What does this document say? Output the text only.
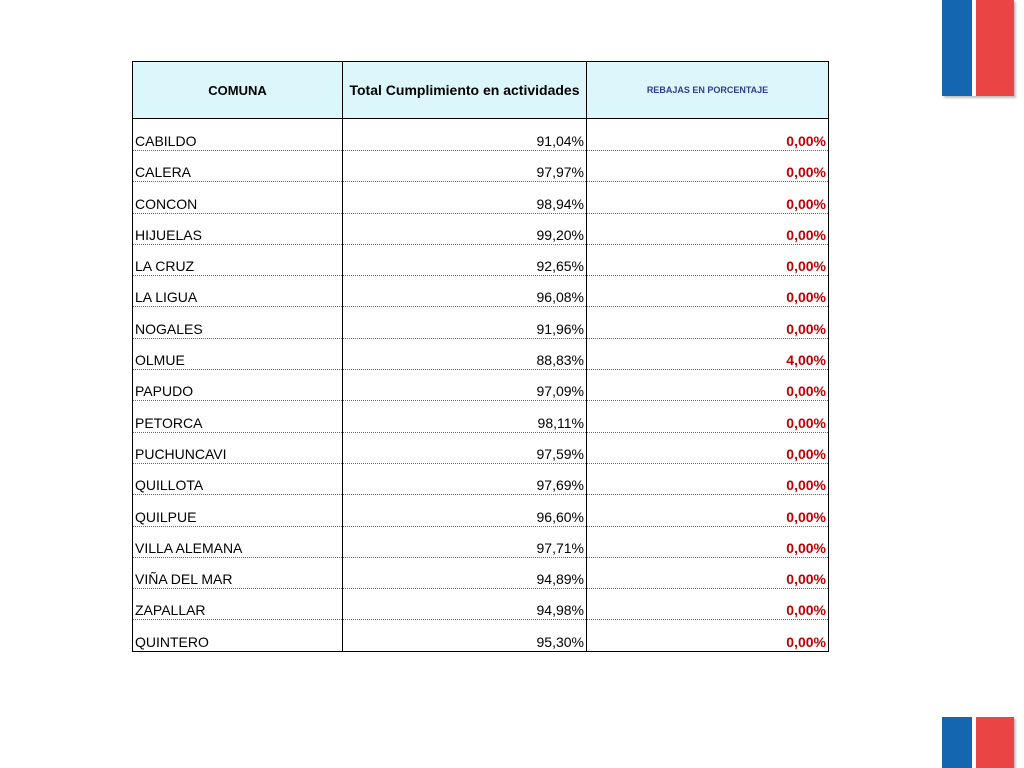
COMUNA	Total Cumplimiento en actividades	REBAJAS EN PORCENTAJE
CABILDO	91,04%	0,00%
CALERA	97,97%	0,00%
CONCON	98,94%	0,00%
HIJUELAS	99,20%	0,00%
LA CRUZ	92,65%	0,00%
LA LIGUA	96,08%	0,00%
NOGALES	91,96%	0,00%
OLMUE	88,83%	4,00%
PAPUDO	97,09%	0,00%
PETORCA	98,11%	0,00%
PUCHUNCAVI	97,59%	0,00%
QUILLOTA	97,69%	0,00%
QUILPUE	96,60%	0,00%
VILLA ALEMANA	97,71%	0,00%
VIÑA DEL MAR	94,89%	0,00%
ZAPALLAR	94,98%	0,00%
QUINTERO	95,30%	0,00%
